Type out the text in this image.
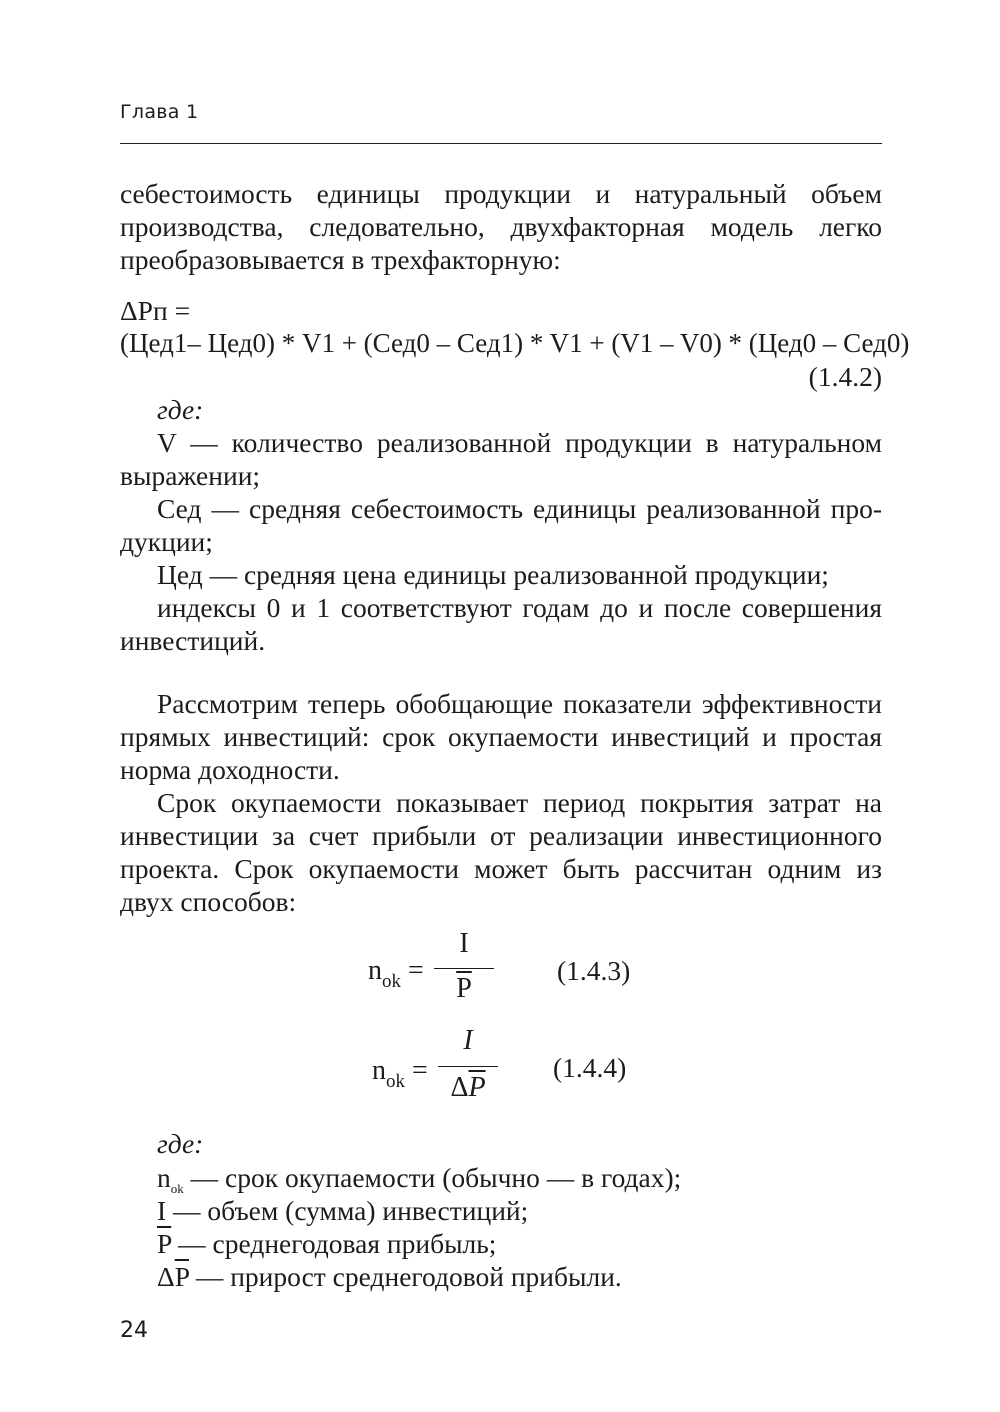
Глава 1
себестоимость единицы продукции и натуральный объем производства, следовательно, двухфакторная модель легко преобразовывается в трехфакторную:
ΔРп =
(Цед1– Цед0) * V1 + (Сед0 – Сед1) * V1 + (V1 – V0) * (Цед0 – Сед0)
(1.4.2)
где:
V — количество реализованной продукции в натуральном
выражении;
Сед — средняя себестоимость единицы реализованной про-
дукции;
Цед — средняя цена единицы реализованной продукции;
индексы 0 и 1 соответствуют годам до и после совершения
инвестиций.
Рассмотрим теперь обобщающие показатели эффективности прямых инвестиций: срок окупаемости инвестиций и простая норма доходности.
Срок окупаемости показывает период покрытия затрат на инвестиции за счет прибыли от реализации инвестиционного проекта. Срок окупаемости может быть рассчитан одним из двух способов:
$n_{ok}$ =
I
$\overline{P}$
(1.4.3)
$n_{ok}$ =
I
$\Delta\overline{P}$
(1.4.4)
где:
$n_{ok}$ — срок окупаемости (обычно — в годах);
I — объем (сумма) инвестиций;
$\overline{P}$ — среднегодовая прибыль;
$\Delta\overline{P}$ — прирост среднегодовой прибыли.
24
